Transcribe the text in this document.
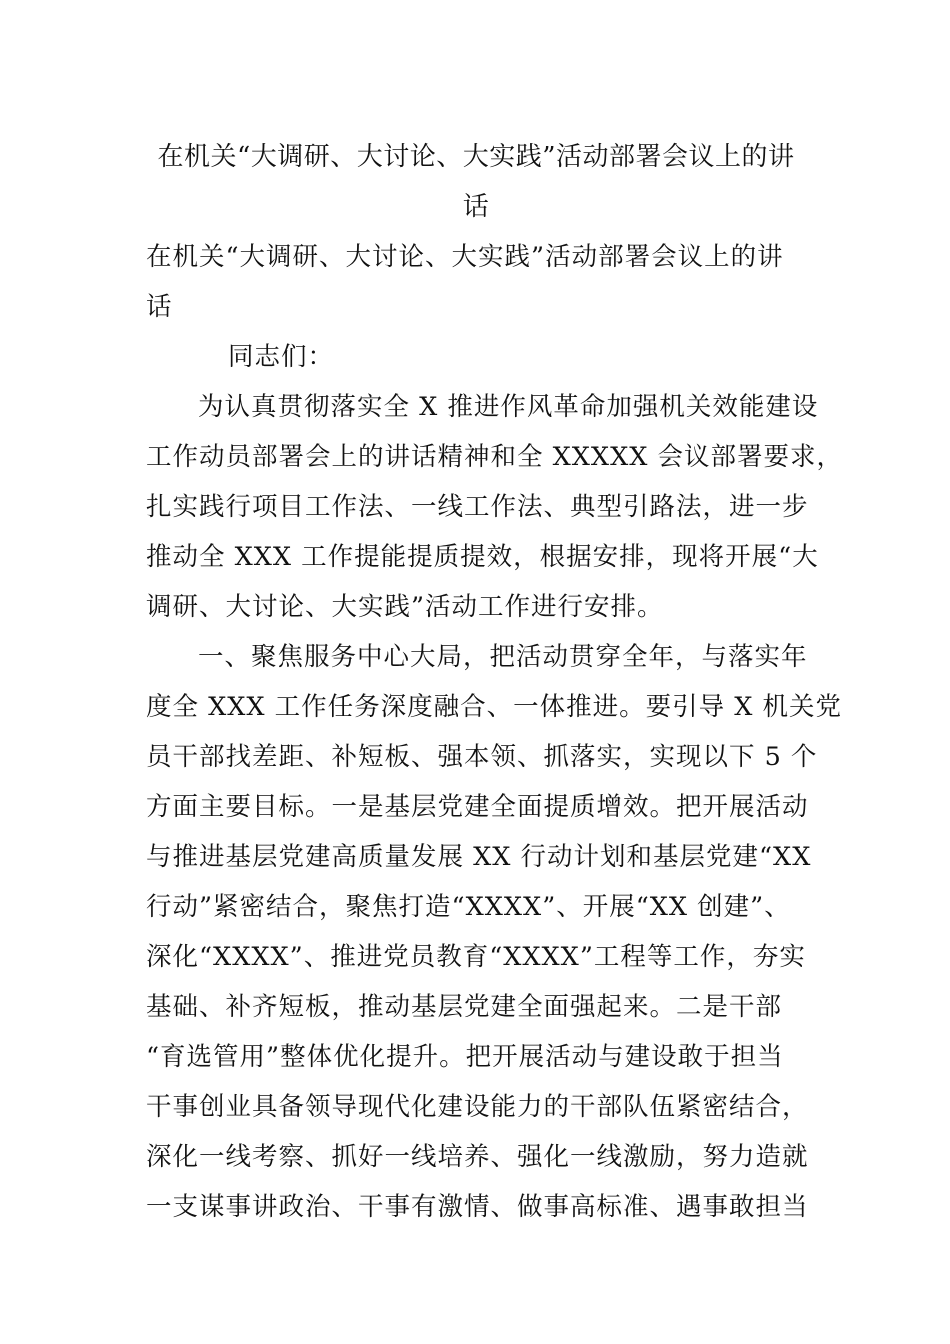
在机关“大调研、大讨论、大实践”活动部署会议上的讲
话
在机关“大调研、大讨论、大实践”活动部署会议上的讲
话
同志们：
为认真贯彻落实全 X 推进作风革命加强机关效能建设
工作动员部署会上的讲话精神和全 XXXXX 会议部署要求，
扎实践行项目工作法、一线工作法、典型引路法，进一步
推动全 XXX 工作提能提质提效，根据安排，现将开展“大
调研、大讨论、大实践”活动工作进行安排。
一、聚焦服务中心大局，把活动贯穿全年，与落实年
度全 XXX 工作任务深度融合、一体推进。要引导 X 机关党
员干部找差距、补短板、强本领、抓落实，实现以下 5 个
方面主要目标。一是基层党建全面提质增效。把开展活动
与推进基层党建高质量发展 XX 行动计划和基层党建“XX
行动”紧密结合，聚焦打造“XXXX”、开展“XX 创建”、
深化“XXXX”、推进党员教育“XXXX”工程等工作，夯实
基础、补齐短板，推动基层党建全面强起来。二是干部
“育选管用”整体优化提升。把开展活动与建设敢于担当
干事创业具备领导现代化建设能力的干部队伍紧密结合，
深化一线考察、抓好一线培养、强化一线激励，努力造就
一支谋事讲政治、干事有激情、做事高标准、遇事敢担当
